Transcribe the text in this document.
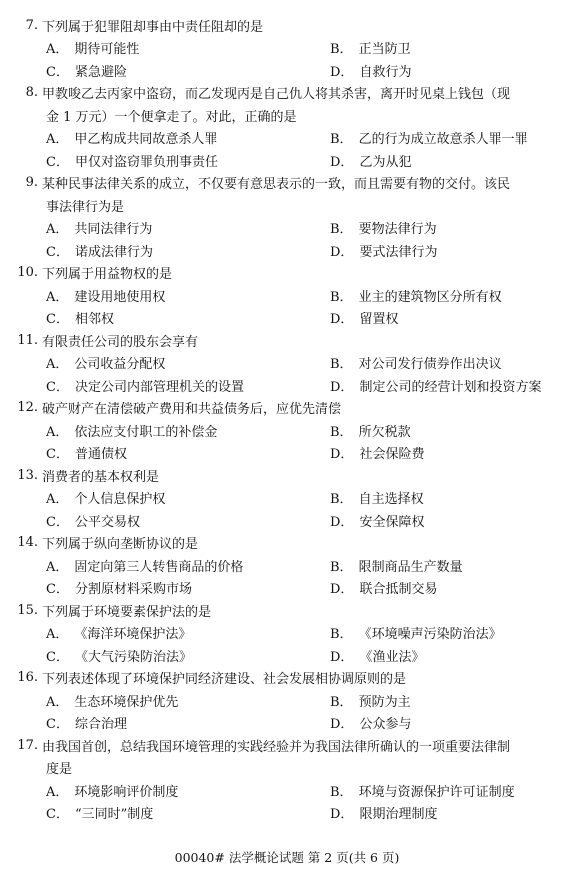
7. 下列属于犯罪阻却事由中责任阻却的是
A． 期待可能性	B． 正当防卫
C． 紧急避险	D． 自救行为
8. 甲教唆乙去丙家中盗窃，而乙发现丙是自己仇人将其杀害，离开时见桌上钱包（现
金 1 万元）一个便拿走了。对此，正确的是
A． 甲乙构成共同故意杀人罪	B． 乙的行为成立故意杀人罪一罪
C． 甲仅对盗窃罪负刑事责任	D． 乙为从犯
9. 某种民事法律关系的成立，不仅要有意思表示的一致，而且需要有物的交付。该民
事法律行为是
A． 共同法律行为	B． 要物法律行为
C． 诺成法律行为	D． 要式法律行为
10. 下列属于用益物权的是
A． 建设用地使用权	B． 业主的建筑物区分所有权
C． 相邻权	D． 留置权
11. 有限责任公司的股东会享有
A． 公司收益分配权	B． 对公司发行债券作出决议
C． 决定公司内部管理机关的设置	D． 制定公司的经营计划和投资方案
12. 破产财产在清偿破产费用和共益债务后，应优先清偿
A． 依法应支付职工的补偿金	B． 所欠税款
C． 普通债权	D． 社会保险费
13. 消费者的基本权利是
A． 个人信息保护权	B． 自主选择权
C． 公平交易权	D． 安全保障权
14. 下列属于纵向垄断协议的是
A． 固定向第三人转售商品的价格	B． 限制商品生产数量
C． 分割原材料采购市场	D． 联合抵制交易
15. 下列属于环境要素保护法的是
A． 《海洋环境保护法》	B． 《环境噪声污染防治法》
C． 《大气污染防治法》	D． 《渔业法》
16. 下列表述体现了环境保护同经济建设、社会发展相协调原则的是
A． 生态环境保护优先	B． 预防为主
C． 综合治理	D． 公众参与
17. 由我国首创，总结我国环境管理的实践经验并为我国法律所确认的一项重要法律制
度是
A． 环境影响评价制度	B． 环境与资源保护许可证制度
C． “三同时”制度	D． 限期治理制度
00040# 法学概论试题 第 2 页(共 6 页)
